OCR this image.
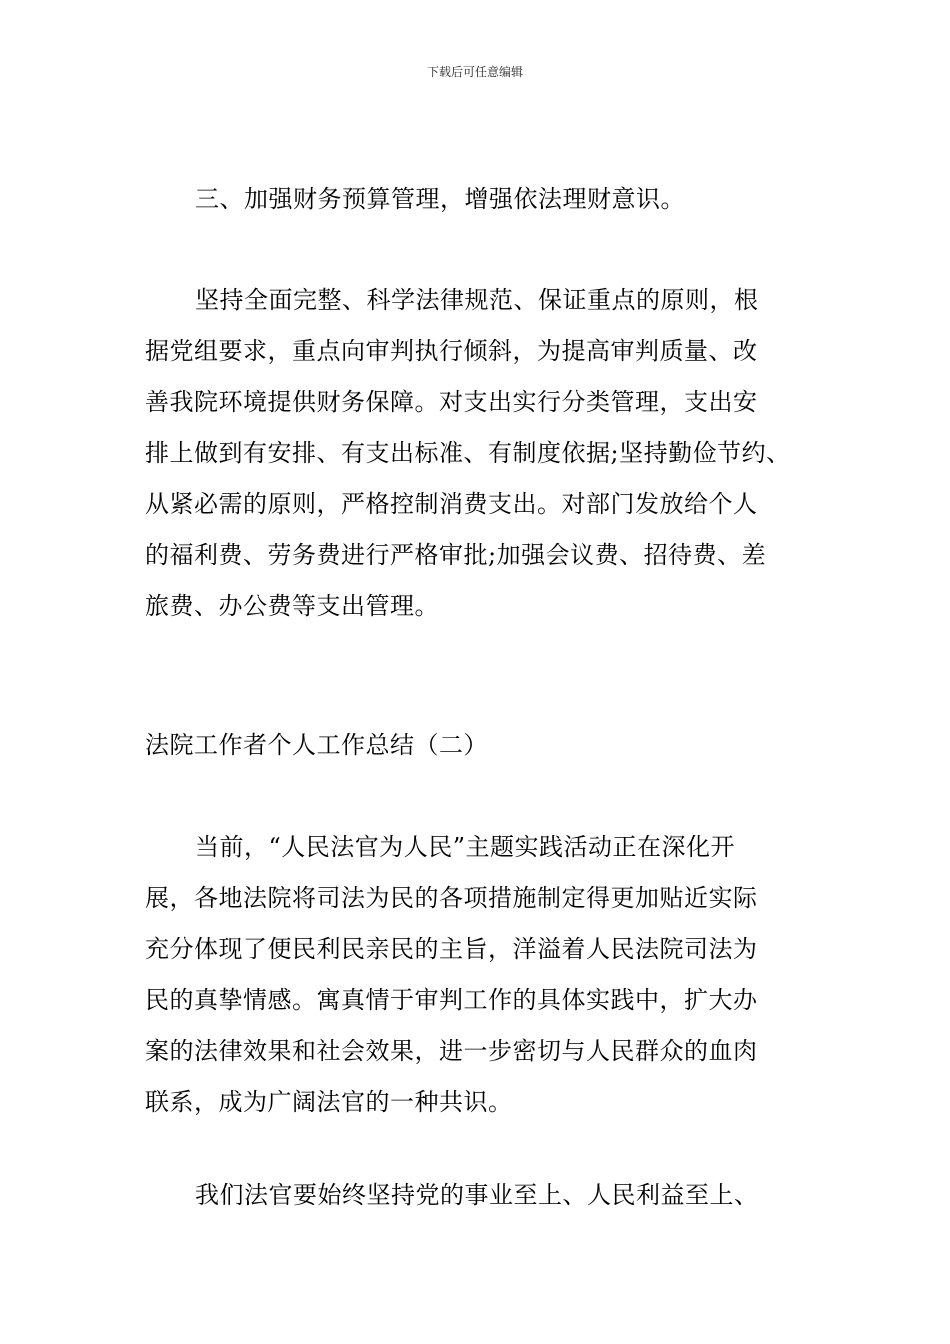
下载后可任意编辑
三、加强财务预算管理，增强依法理财意识。
坚持全面完整、科学法律规范、保证重点的原则，根
据党组要求，重点向审判执行倾斜，为提高审判质量、改
善我院环境提供财务保障。对支出实行分类管理，支出安
排上做到有安排、有支出标准、有制度依据;坚持勤俭节约、
从紧必需的原则，严格控制消费支出。对部门发放给个人
的福利费、劳务费进行严格审批;加强会议费、招待费、差
旅费、办公费等支出管理。
法院工作者个人工作总结（二）
当前，“人民法官为人民”主题实践活动正在深化开
展，各地法院将司法为民的各项措施制定得更加贴近实际
充分体现了便民利民亲民的主旨，洋溢着人民法院司法为
民的真挚情感。寓真情于审判工作的具体实践中，扩大办
案的法律效果和社会效果，进一步密切与人民群众的血肉
联系，成为广阔法官的一种共识。
我们法官要始终坚持党的事业至上、人民利益至上、
